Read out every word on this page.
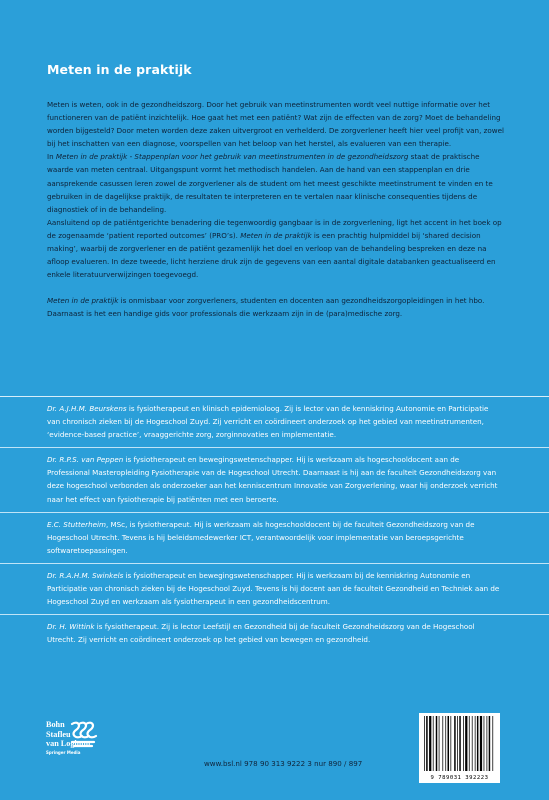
Meten in de praktijk

Meten is weten, ook in de gezondheidszorg. Door het gebruik van meetinstrumenten wordt veel nuttige informatie over het functioneren van de patiënt inzichtelijk. Hoe gaat het met een patiënt? Wat zijn de effecten van de zorg? Moet de behandeling worden bijgesteld? Door meten worden deze zaken uitvergroot en verhelderd. De zorgverlener heeft hier veel profijt van, zowel bij het inschatten van een diagnose, voorspellen van het beloop van het herstel, als evalueren van een therapie.

In Meten in de praktijk - Stappenplan voor het gebruik van meetinstrumenten in de gezondheidszorg staat de praktische waarde van meten centraal. Uitgangspunt vormt het methodisch handelen. Aan de hand van een stappenplan en drie aansprekende casussen leren zowel de zorgverlener als de student om het meest geschikte meetinstrument te vinden en te gebruiken in de dagelijkse praktijk, de resultaten te interpreteren en te vertalen naar klinische consequenties tijdens de diagnostiek of in de behandeling.

Aansluitend op de patiëntgerichte benadering die tegenwoordig gangbaar is in de zorgverlening, ligt het accent in het boek op de zogenaamde ‘patient reported outcomes’ (PRO’s). Meten in de praktijk is een prachtig hulpmiddel bij ‘shared decision making’, waarbij de zorgverlener en de patiënt gezamenlijk het doel en verloop van de behandeling bespreken en deze na afloop evalueren. In deze tweede, licht herziene druk zijn de gegevens van een aantal digitale databanken geactualiseerd en enkele literatuurverwijzingen toegevoegd.

Meten in de praktijk is onmisbaar voor zorgverleners, studenten en docenten aan gezondheidszorgopleidingen in het hbo. Daarnaast is het een handige gids voor professionals die werkzaam zijn in de (para)medische zorg.

Dr. A.J.H.M. Beurskens is fysiotherapeut en klinisch epidemioloog. Zij is lector van de kenniskring Autonomie en Participatie van chronisch zieken bij de Hogeschool Zuyd. Zij verricht en coördineert onderzoek op het gebied van meetinstrumenten, ‘evidence-based practice’, vraaggerichte zorg, zorginnovaties en implementatie.
Dr. R.P.S. van Peppen is fysiotherapeut en bewegingswetenschapper. Hij is werkzaam als hogeschooldocent aan de Professional Masteropleiding Fysiotherapie van de Hogeschool Utrecht. Daarnaast is hij aan de faculteit Gezondheidszorg van deze hogeschool verbonden als onderzoeker aan het kenniscentrum Innovatie van Zorgverlening, waar hij onderzoek verricht naar het effect van fysiotherapie bij patiënten met een beroerte.
E.C. Stutterheim, MSc, is fysiotherapeut. Hij is werkzaam als hogeschooldocent bij de faculteit Gezondheidszorg van de Hogeschool Utrecht. Tevens is hij beleidsmedewerker ICT, verantwoordelijk voor implementatie van beroepsgerichte softwaretoepassingen.
Dr. R.A.H.M. Swinkels is fysiotherapeut en bewegingswetenschapper. Hij is werkzaam bij de kenniskring Autonomie en Participatie van chronisch zieken bij de Hogeschool Zuyd. Tevens is hij docent aan de faculteit Gezondheid en Techniek aan de Hogeschool Zuyd en werkzaam als fysiotherapeut in een gezondheidscentrum.
Dr. H. Wittink is fysiotherapeut. Zij is lector Leefstijl en Gezondheid bij de faculteit Gezondheidszorg van de Hogeschool Utrecht. Zij verricht en coördineert onderzoek op het gebied van bewegen en gezondheid.
Bohn
Stafleu
van Loghum
Springer Media
www.bsl.nl 978 90 313 9222 3 nur 890 / 897
9 789031 392223
